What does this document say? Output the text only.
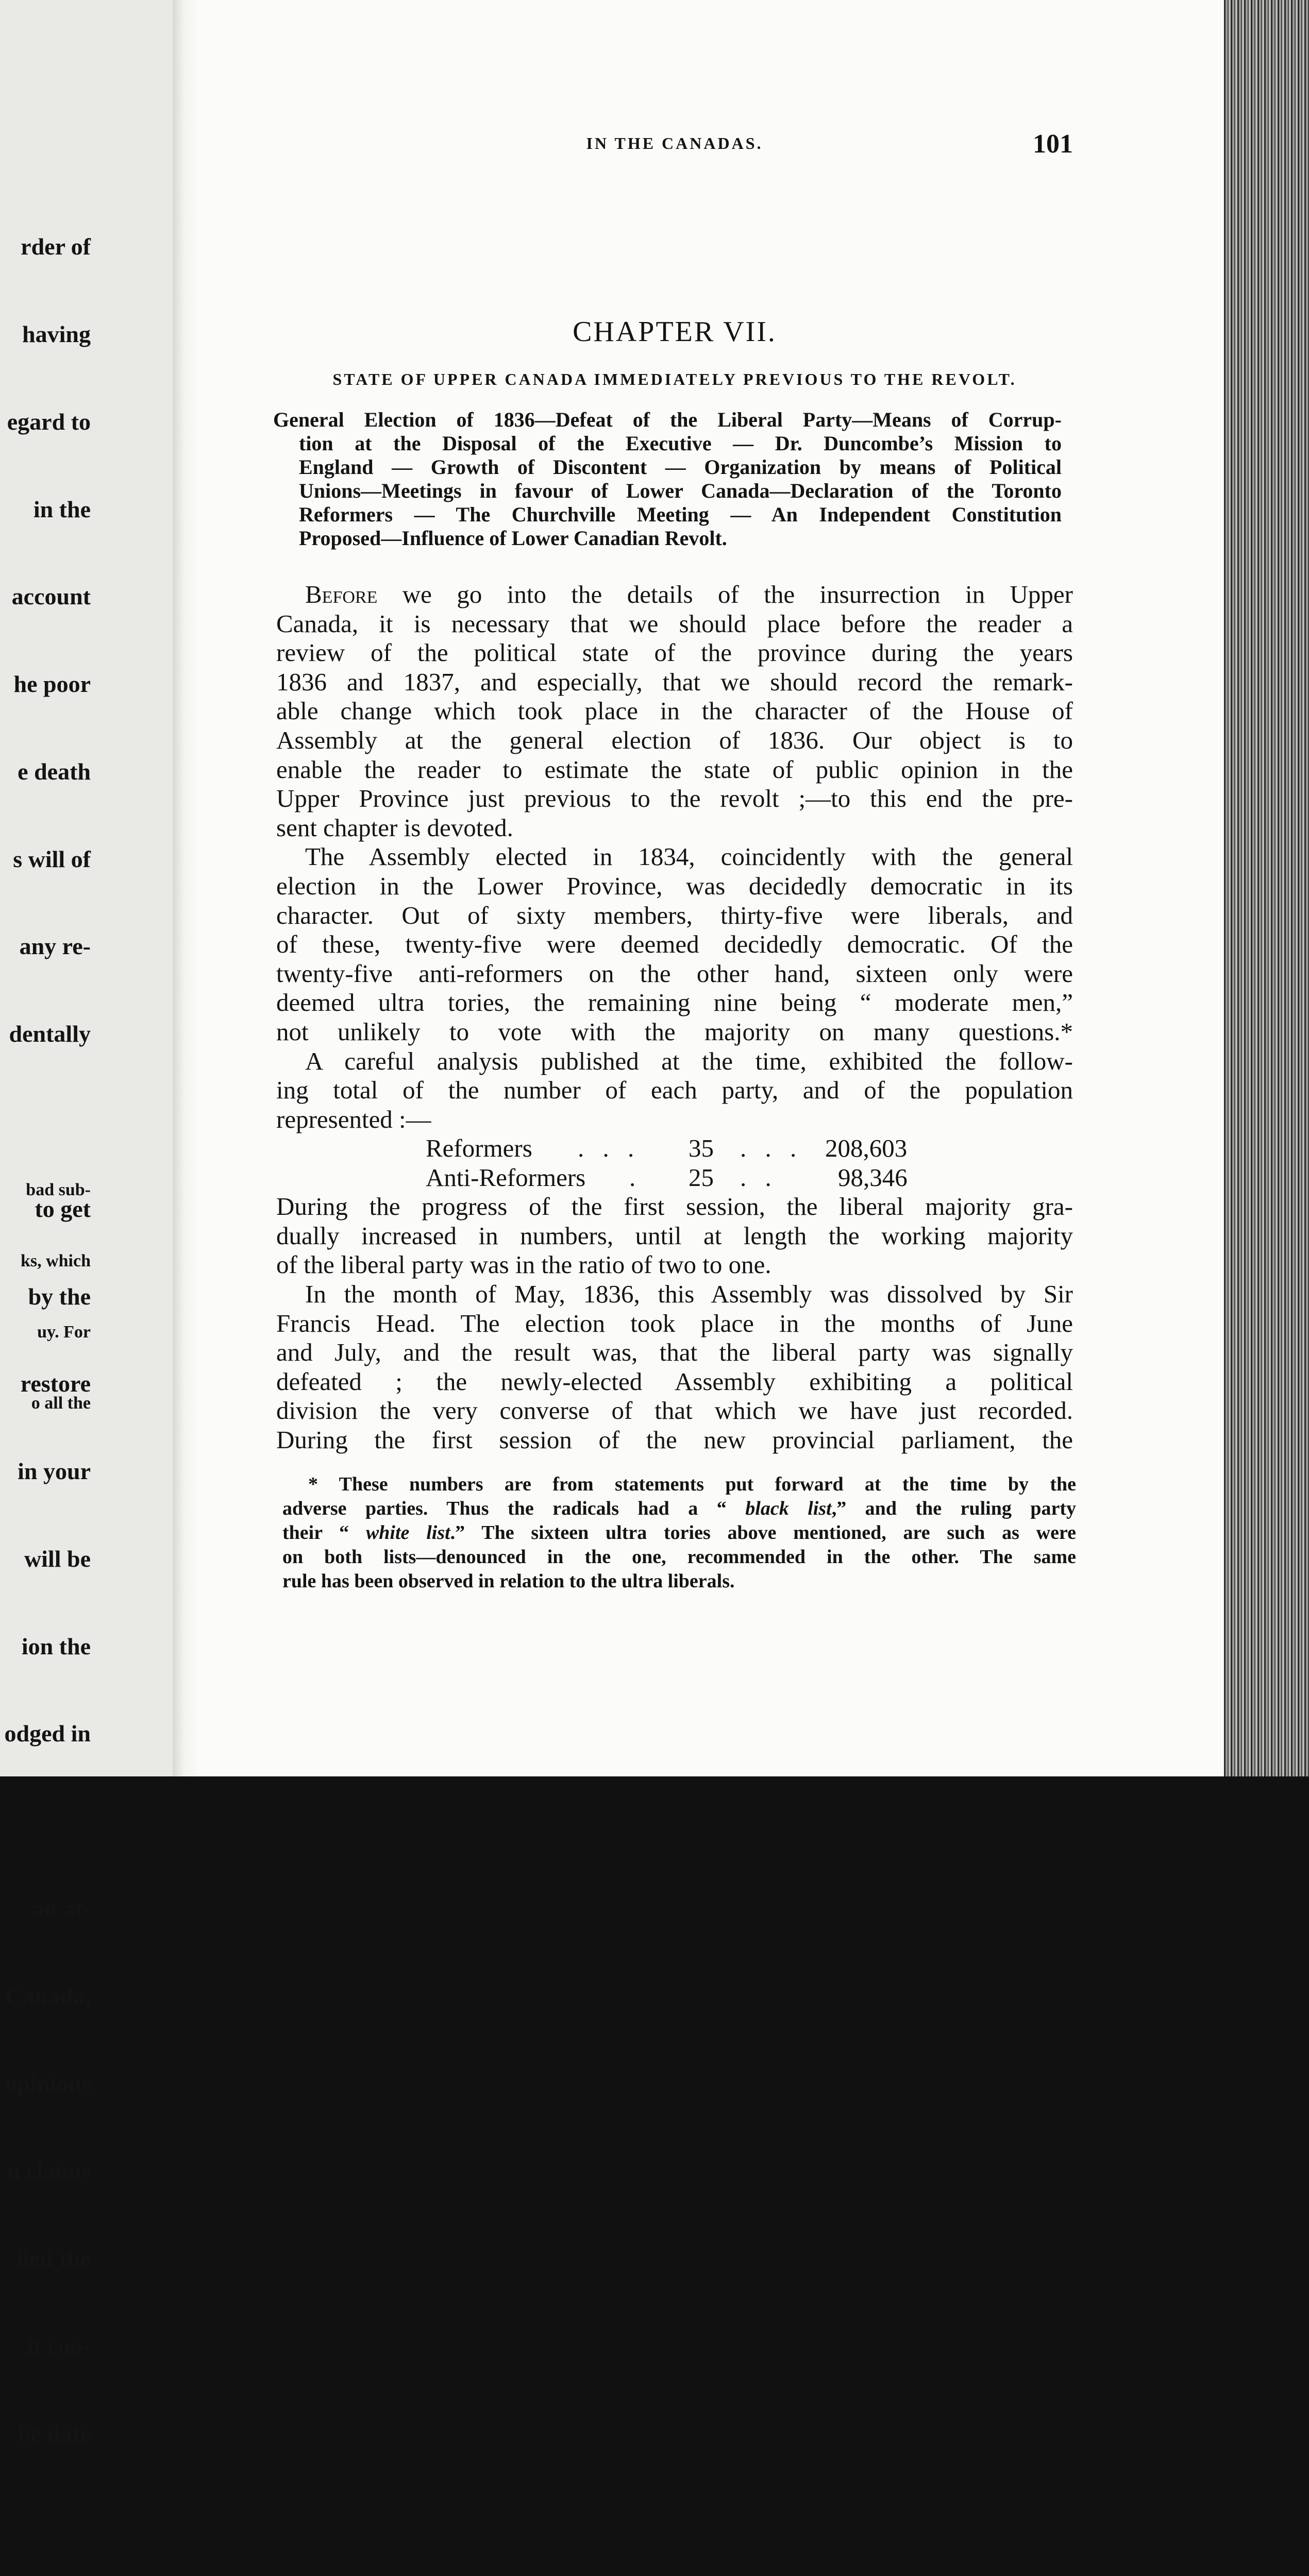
rder of

having

egard to

in the

account

he poor

e death

s will of

any re-

dentally

to get

by the

restore

in your

will be

ion the

odged in

an at-

Canada,

opinions

n claims

lled the

it con-

he date

bad sub-

ks, which

uy. For

o all the

IN THE CANADAS.	101
CHAPTER VII.
STATE OF UPPER CANADA IMMEDIATELY PREVIOUS TO THE REVOLT.
General Election of 1836—Defeat of the Liberal Party—Means of Corrup-
tion at the Disposal of the Executive — Dr. Duncombe’s Mission to
England — Growth of Discontent — Organization by means of Political
Unions—Meetings in favour of Lower Canada—Declaration of the Toronto
Reformers — The Churchville Meeting — An Independent Constitution
Proposed—Influence of Lower Canadian Revolt.
Before we go into the details of the insurrection in Upper
Canada, it is necessary that we should place before the reader a
review of the political state of the province during the years
1836 and 1837, and especially, that we should record the remark-
able change which took place in the character of the House of
Assembly at the general election of 1836. Our object is to
enable the reader to estimate the state of public opinion in the
Upper Province just previous to the revolt ;—to this end the pre-
sent chapter is devoted.
The Assembly elected in 1834, coincidently with the general
election in the Lower Province, was decidedly democratic in its
character. Out of sixty members, thirty-five were liberals, and
of these, twenty-five were deemed decidedly democratic. Of the
twenty-five anti-reformers on the other hand, sixteen only were
deemed ultra tories, the remaining nine being “ moderate men,”
not unlikely to vote with the majority on many questions.*
A careful analysis published at the time, exhibited the follow-
ing total of the number of each party, and of the population
represented :—
Reformers . . . 35 . . . 208,603
Anti-Reformers . 25 . . 98,346
During the progress of the first session, the liberal majority gra-
dually increased in numbers, until at length the working majority
of the liberal party was in the ratio of two to one.
In the month of May, 1836, this Assembly was dissolved by Sir
Francis Head. The election took place in the months of June
and July, and the result was, that the liberal party was signally
defeated ; the newly-elected Assembly exhibiting a political
division the very converse of that which we have just recorded.
During the first session of the new provincial parliament, the
* These numbers are from statements put forward at the time by the
adverse parties. Thus the radicals had a “ black list,” and the ruling party
their “ white list.” The sixteen ultra tories above mentioned, are such as were
on both lists—denounced in the one, recommended in the other. The same
rule has been observed in relation to the ultra liberals.
